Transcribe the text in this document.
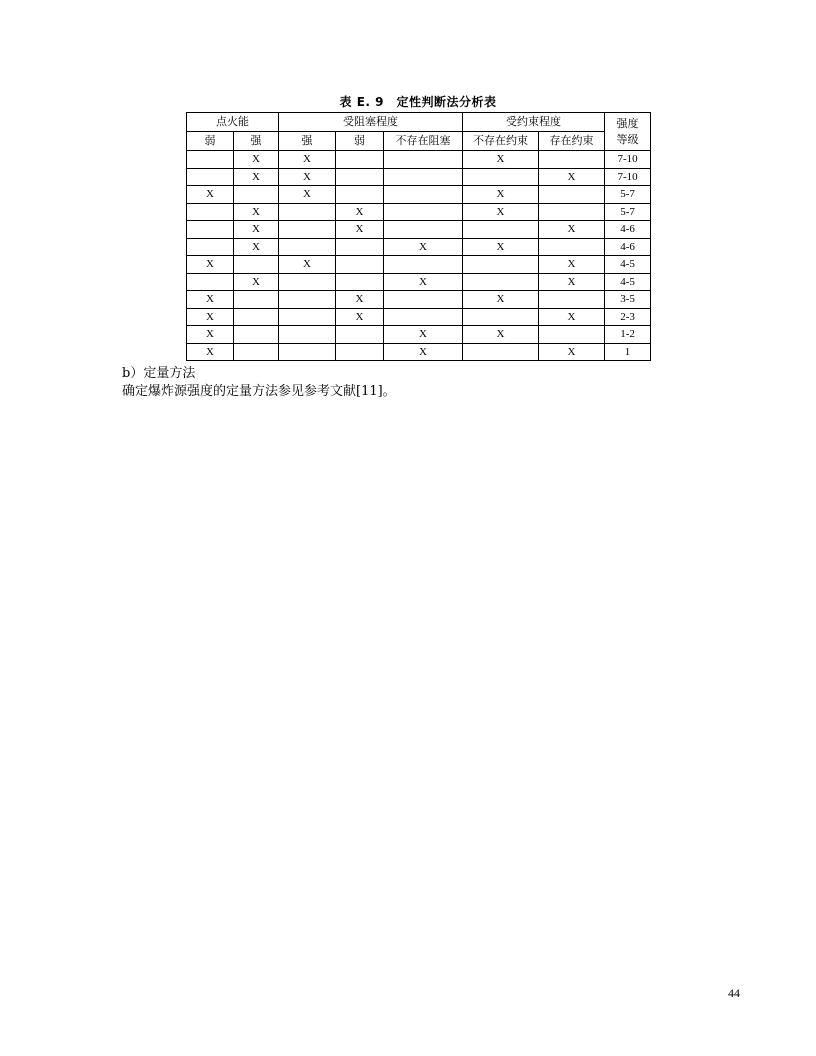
表 E. 9　定性判断法分析表
点火能		受阻塞程度			受约束程度		强度
等级
弱	强	强	弱	不存在阻塞	不存在约束	存在约束	
	X	X			X		7-10
	X	X				X	7-10
X		X			X		5-7
	X		X		X		5-7
	X		X			X	4-6
	X			X	X		4-6
X		X				X	4-5
	X			X		X	4-5
X			X		X		3-5
X			X			X	2-3
X				X	X		1-2
X				X		X	1
b）定量方法
确定爆炸源强度的定量方法参见参考文献[11]。
44
